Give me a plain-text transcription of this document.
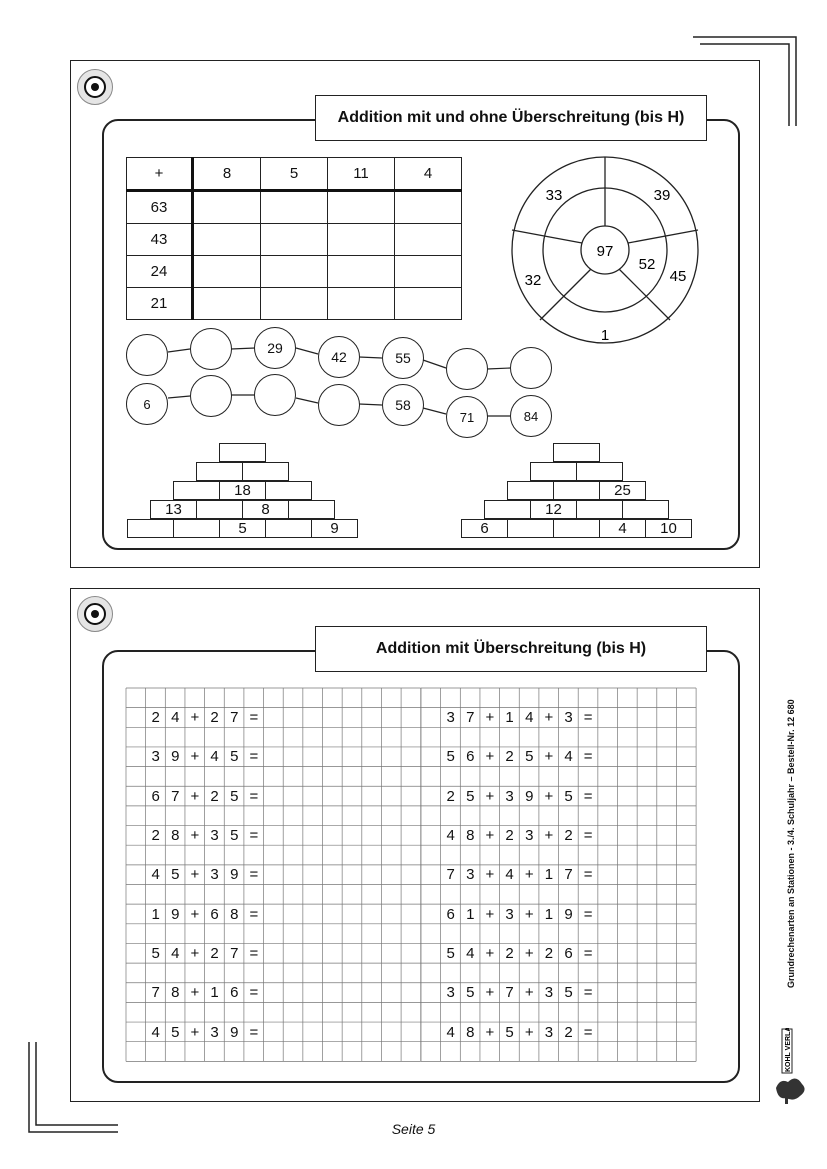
Addition mit und ohne Überschreitung (bis H)
+	8	5	11	4
63				
43				
24				
21				
97
52
33	39
45
1
32
29
42	55
6	58
71	84
18
13	8
5	9
25
12
6	4	10
Addition mit Überschreitung (bis H)
2 4 + 2 7 =
3 9 + 4 5 =
6 7 + 2 5 =
2 8 + 3 5 =
4 5 + 3 9 =
1 9 + 6 8 =
5 4 + 2 7 =
7 8 + 1 6 =
4 5 + 3 9 =
3 7 + 1 4 + 3 =
5 6 + 2 5 + 4 =
2 5 + 3 9 + 5 =
4 8 + 2 3 + 2 =
7 3 + 4 + 1 7 =
6 1 + 3 + 1 9 =
5 4 + 2 + 2 6 =
3 5 + 7 + 3 5 =
4 8 + 5 + 3 2 =
Seite 5
Grundrechenarten an Stationen - 3./4. Schuljahr – Bestell-Nr. 12 680
KOHL VERLAG
